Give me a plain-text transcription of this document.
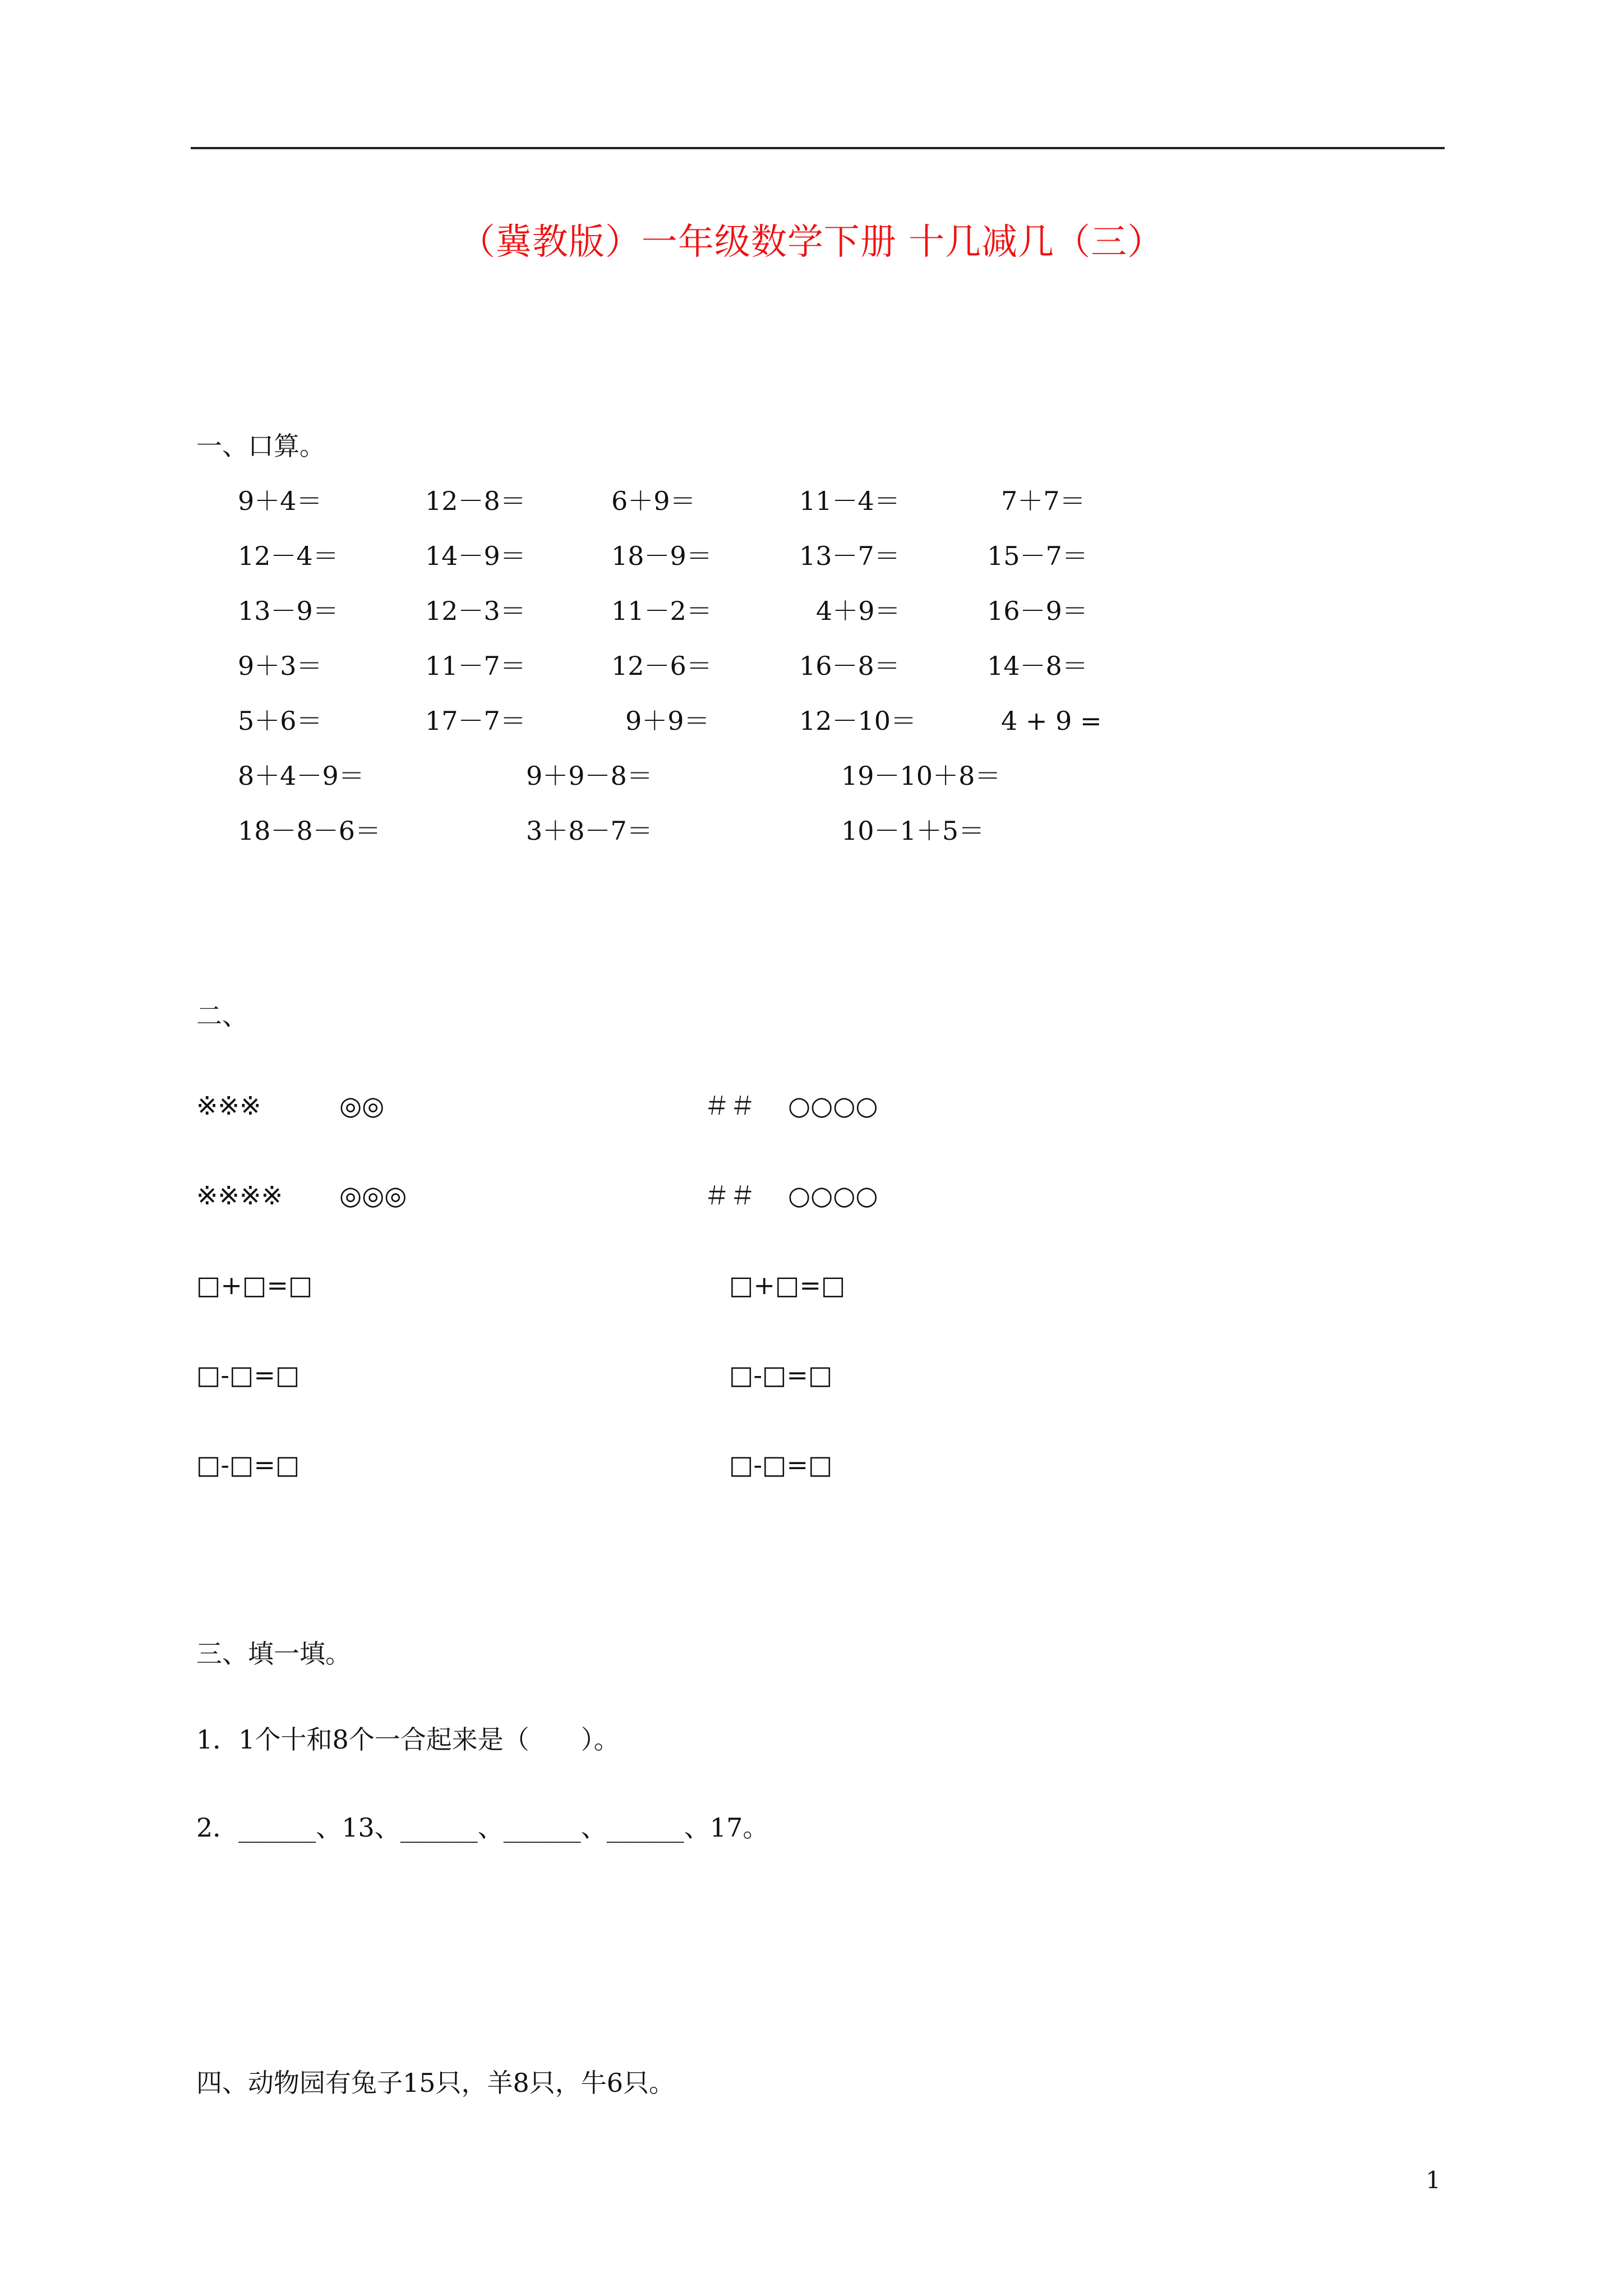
（冀教版）一年级数学下册 十几减几（三）
一、口算。
9＋4＝	12－8＝	6＋9＝	11－4＝	7＋7＝
12－4＝	14－9＝	18－9＝	13－7＝	15－7＝
13－9＝	12－3＝	11－2＝	4＋9＝	16－9＝
9＋3＝	11－7＝	12－6＝	16－8＝	14－8＝
5＋6＝	17－7＝	9＋9＝	12－10＝	4 + 9 =
8＋4－9＝	9＋9－8＝	19－10＋8＝
18－8－6＝	3＋8－7＝	10－1＋5＝
二、
※※※	◎◎	＃＃ ○○○○
※※※※ ◎◎◎	＃＃ ○○○○
□+□=□	□+□=□
□-□=□	□-□=□
□-□=□	□-□=□
三、填一填。
1．1个十和8个一合起来是（　　）。
2．______、13、______、______、______、17。
四、动物园有兔子15只，羊8只，牛6只。
1
